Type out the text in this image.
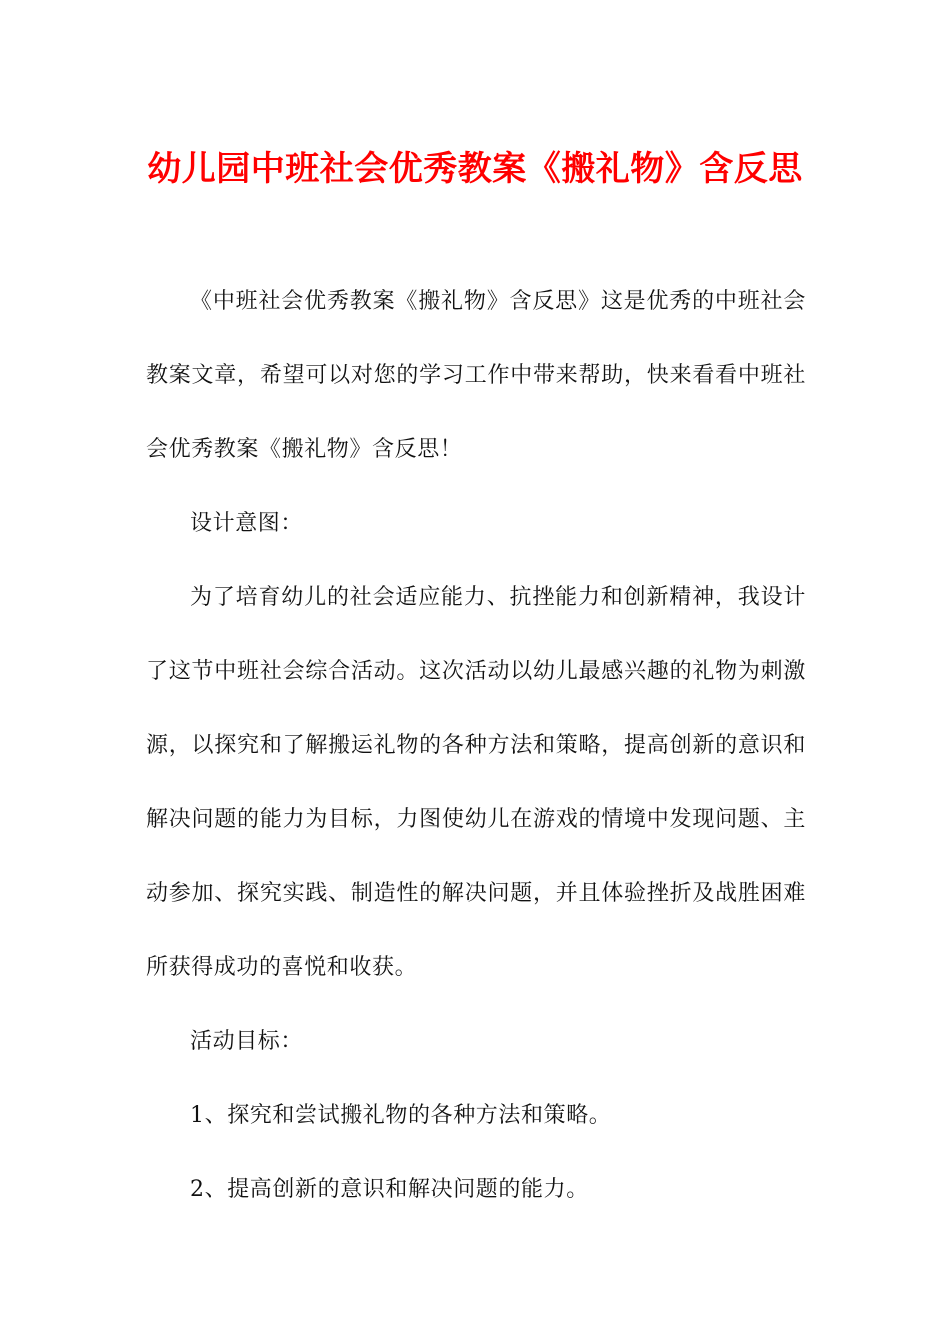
幼儿园中班社会优秀教案《搬礼物》含反思

《中班社会优秀教案《搬礼物》含反思》这是优秀的中班社会教案文章，希望可以对您的学习工作中带来帮助，快来看看中班社会优秀教案《搬礼物》含反思！

设计意图：

为了培育幼儿的社会适应能力、抗挫能力和创新精神，我设计了这节中班社会综合活动。这次活动以幼儿最感兴趣的礼物为刺激源，以探究和了解搬运礼物的各种方法和策略，提高创新的意识和解决问题的能力为目标，力图使幼儿在游戏的情境中发现问题、主动参加、探究实践、制造性的解决问题，并且体验挫折及战胜困难所获得成功的喜悦和收获。

活动目标：

1、探究和尝试搬礼物的各种方法和策略。

2、提高创新的意识和解决问题的能力。
